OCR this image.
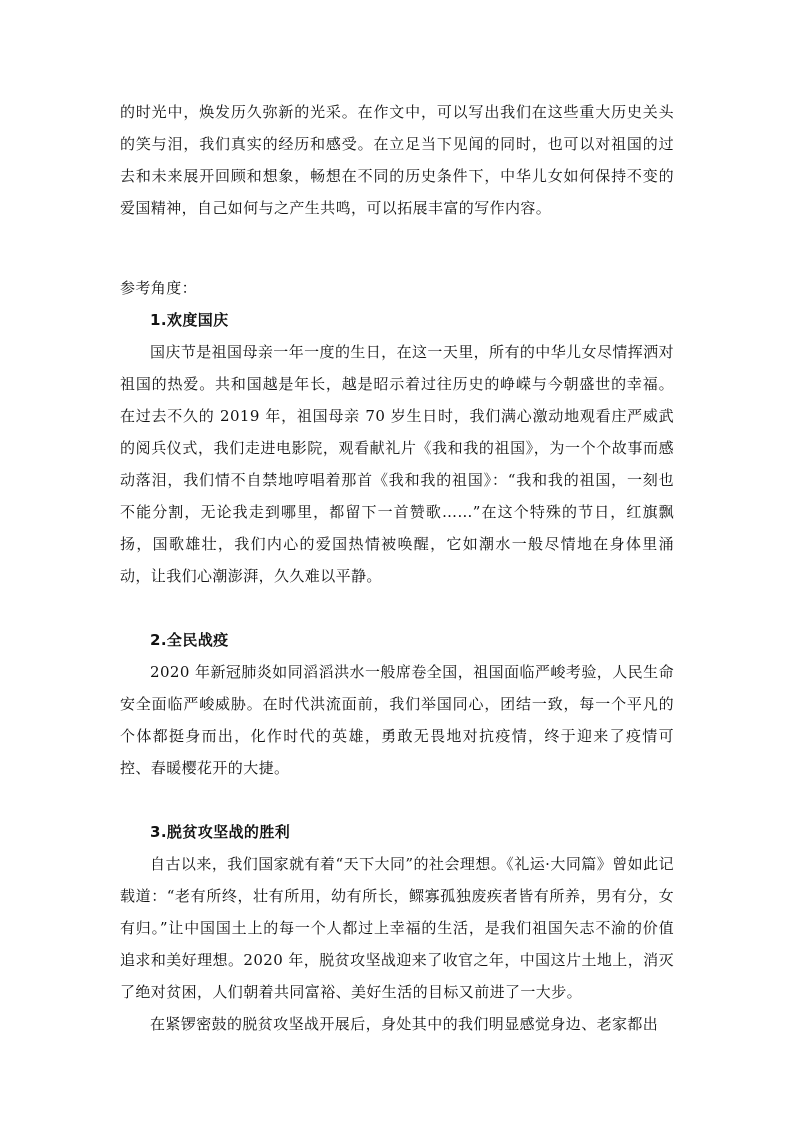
的时光中，焕发历久弥新的光采。在作文中，可以写出我们在这些重大历史关头的笑与泪，我们真实的经历和感受。在立足当下见闻的同时，也可以对祖国的过去和未来展开回顾和想象，畅想在不同的历史条件下，中华儿女如何保持不变的爱国精神，自己如何与之产生共鸣，可以拓展丰富的写作内容。

参考角度：

1.欢度国庆

国庆节是祖国母亲一年一度的生日，在这一天里，所有的中华儿女尽情挥洒对祖国的热爱。共和国越是年长，越是昭示着过往历史的峥嵘与今朝盛世的幸福。在过去不久的 2019 年，祖国母亲 70 岁生日时，我们满心激动地观看庄严威武的阅兵仪式，我们走进电影院，观看献礼片《我和我的祖国》，为一个个故事而感动落泪，我们情不自禁地哼唱着那首《我和我的祖国》：“我和我的祖国，一刻也不能分割，无论我走到哪里，都留下一首赞歌……”在这个特殊的节日，红旗飘扬，国歌雄壮，我们内心的爱国热情被唤醒，它如潮水一般尽情地在身体里涌动，让我们心潮澎湃，久久难以平静。

2.全民战疫

2020 年新冠肺炎如同滔滔洪水一般席卷全国，祖国面临严峻考验，人民生命安全面临严峻威胁。在时代洪流面前，我们举国同心，团结一致，每一个平凡的个体都挺身而出，化作时代的英雄，勇敢无畏地对抗疫情，终于迎来了疫情可控、春暖樱花开的大捷。

3.脱贫攻坚战的胜利

自古以来，我们国家就有着“天下大同”的社会理想。《礼运·大同篇》曾如此记载道：“老有所终，壮有所用，幼有所长，鳏寡孤独废疾者皆有所养，男有分，女有归。”让中国国土上的每一个人都过上幸福的生活，是我们祖国矢志不渝的价值追求和美好理想。2020 年，脱贫攻坚战迎来了收官之年，中国这片土地上，消灭了绝对贫困，人们朝着共同富裕、美好生活的目标又前进了一大步。

在紧锣密鼓的脱贫攻坚战开展后，身处其中的我们明显感觉身边、老家都出
